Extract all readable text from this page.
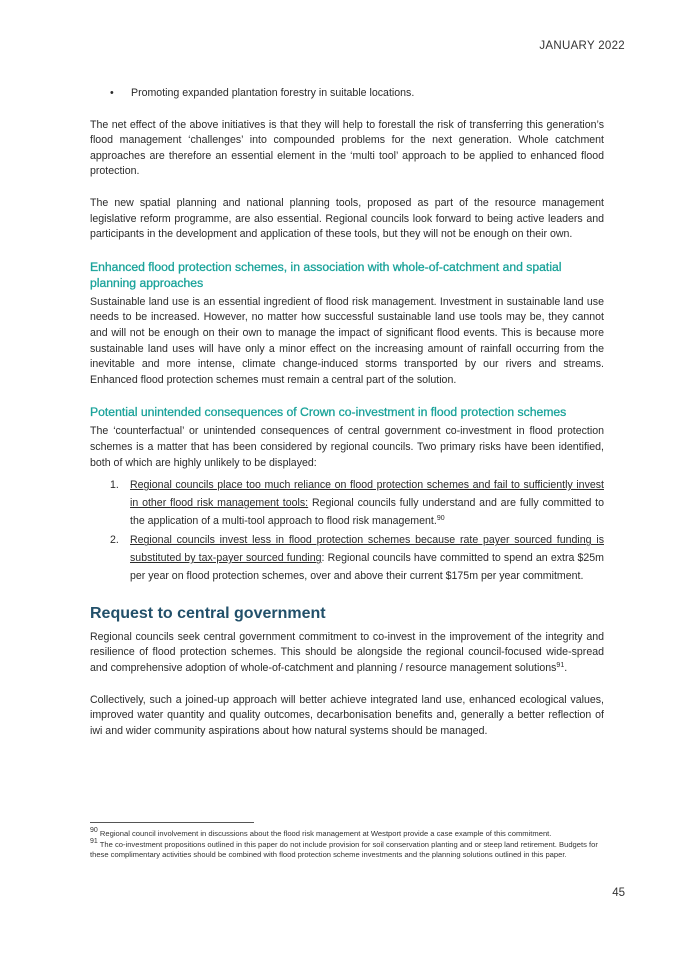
JANUARY 2022
•	Promoting expanded plantation forestry in suitable locations.

The net effect of the above initiatives is that they will help to forestall the risk of transferring this generation’s flood management ‘challenges’ into compounded problems for the next generation. Whole catchment approaches are therefore an essential element in the ‘multi tool’ approach to be applied to enhanced flood protection.

The new spatial planning and national planning tools, proposed as part of the resource management legislative reform programme, are also essential. Regional councils look forward to being active leaders and participants in the development and application of these tools, but they will not be enough on their own.

Enhanced flood protection schemes, in association with whole-of-catchment and spatial planning approaches

Sustainable land use is an essential ingredient of flood risk management. Investment in sustainable land use needs to be increased. However, no matter how successful sustainable land use tools may be, they cannot and will not be enough on their own to manage the impact of significant flood events. This is because more sustainable land uses will have only a minor effect on the increasing amount of rainfall occurring from the inevitable and more intense, climate change-induced storms transported by our rivers and streams. Enhanced flood protection schemes must remain a central part of the solution.

Potential unintended consequences of Crown co-investment in flood protection schemes

The ‘counterfactual’ or unintended consequences of central government co-investment in flood protection schemes is a matter that has been considered by regional councils. Two primary risks have been identified, both of which are highly unlikely to be displayed:

1.	Regional councils place too much reliance on flood protection schemes and fail to sufficiently invest in other flood risk management tools: Regional councils fully understand and are fully committed to the application of a multi-tool approach to flood risk management.$^{90}$
2.	Regional councils invest less in flood protection schemes because rate payer sourced funding is substituted by tax-payer sourced funding: Regional councils have committed to spend an extra $25m per year on flood protection schemes, over and above their current $175m per year commitment.
Request to central government

Regional councils seek central government commitment to co-invest in the improvement of the integrity and resilience of flood protection schemes. This should be alongside the regional council-focused wide-spread and comprehensive adoption of whole-of-catchment and planning / resource management solutions$^{91}$.

Collectively, such a joined-up approach will better achieve integrated land use, enhanced ecological values, improved water quantity and quality outcomes, decarbonisation benefits and, generally a better reflection of iwi and wider community aspirations about how natural systems should be managed.

$^{90}$ Regional council involvement in discussions about the flood risk management at Westport provide a case example of this commitment.
$^{91}$ The co-investment propositions outlined in this paper do not include provision for soil conservation planting and or steep land retirement. Budgets for these complimentary activities should be combined with flood protection scheme investments and the planning solutions outlined in this paper.
45
